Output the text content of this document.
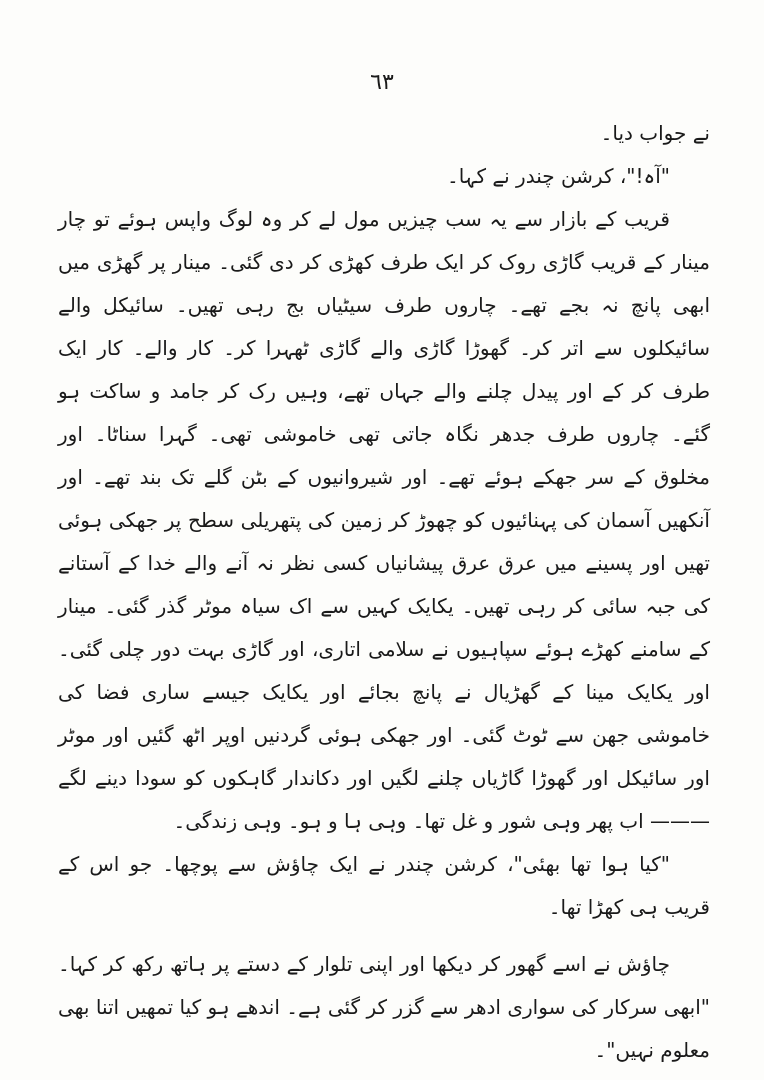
٦٣

نے جواب دیا۔

"آہ!"، کرشن چندر نے کہا۔

قریب کے بازار سے یہ سب چیزیں مول لے کر وہ لوگ واپس ہوئے تو چار مینار کے قریب گاڑی روک کر ایک طرف کھڑی کر دی گئی۔ مینار پر گھڑی میں ابھی پانچ نہ بجے تھے۔ چاروں طرف سیٹیاں بج رہی تھیں۔ سائیکل والے سائیکلوں سے اتر کر۔ گھوڑا گاڑی والے گاڑی ٹھہرا کر۔ کار والے۔ کار ایک طرف کر کے اور پیدل چلنے والے جہاں تھے، وہیں رک کر جامد و ساکت ہو گئے۔ چاروں طرف جدھر نگاہ جاتی تھی خاموشی تھی۔ گہرا سناٹا۔ اور مخلوق کے سر جھکے ہوئے تھے۔ اور شیروانیوں کے بٹن گلے تک بند تھے۔ اور آنکھیں آسمان کی پہنائیوں کو چھوڑ کر زمین کی پتھریلی سطح پر جھکی ہوئی تھیں اور پسینے میں عرق عرق پیشانیاں کسی نظر نہ آنے والے خدا کے آستانے کی جبہ سائی کر رہی تھیں۔ یکایک کہیں سے اک سیاہ موٹر گذر گئی۔ مینار کے سامنے کھڑے ہوئے سپاہیوں نے سلامی اتاری، اور گاڑی بہت دور چلی گئی۔ اور یکایک مینا کے گھڑیال نے پانچ بجائے اور یکایک جیسے ساری فضا کی خاموشی جھن سے ٹوٹ گئی۔ اور جھکی ہوئی گردنیں اوپر اٹھ گئیں اور موٹر اور سائیکل اور گھوڑا گاڑیاں چلنے لگیں اور دکاندار گاہکوں کو سودا دینے لگے ——— اب پھر وہی شور و غل تھا۔ وہی ہا و ہو۔ وہی زندگی۔

"کیا ہوا تھا بھئی"، کرشن چندر نے ایک چاؤش سے پوچھا۔ جو اس کے قریب ہی کھڑا تھا۔

چاؤش نے اسے گھور کر دیکھا اور اپنی تلوار کے دستے پر ہاتھ رکھ کر کہا۔ "ابھی سرکار کی سواری ادھر سے گزر کر گئی ہے۔ اندھے ہو کیا تمھیں اتنا بھی معلوم نہیں"۔
